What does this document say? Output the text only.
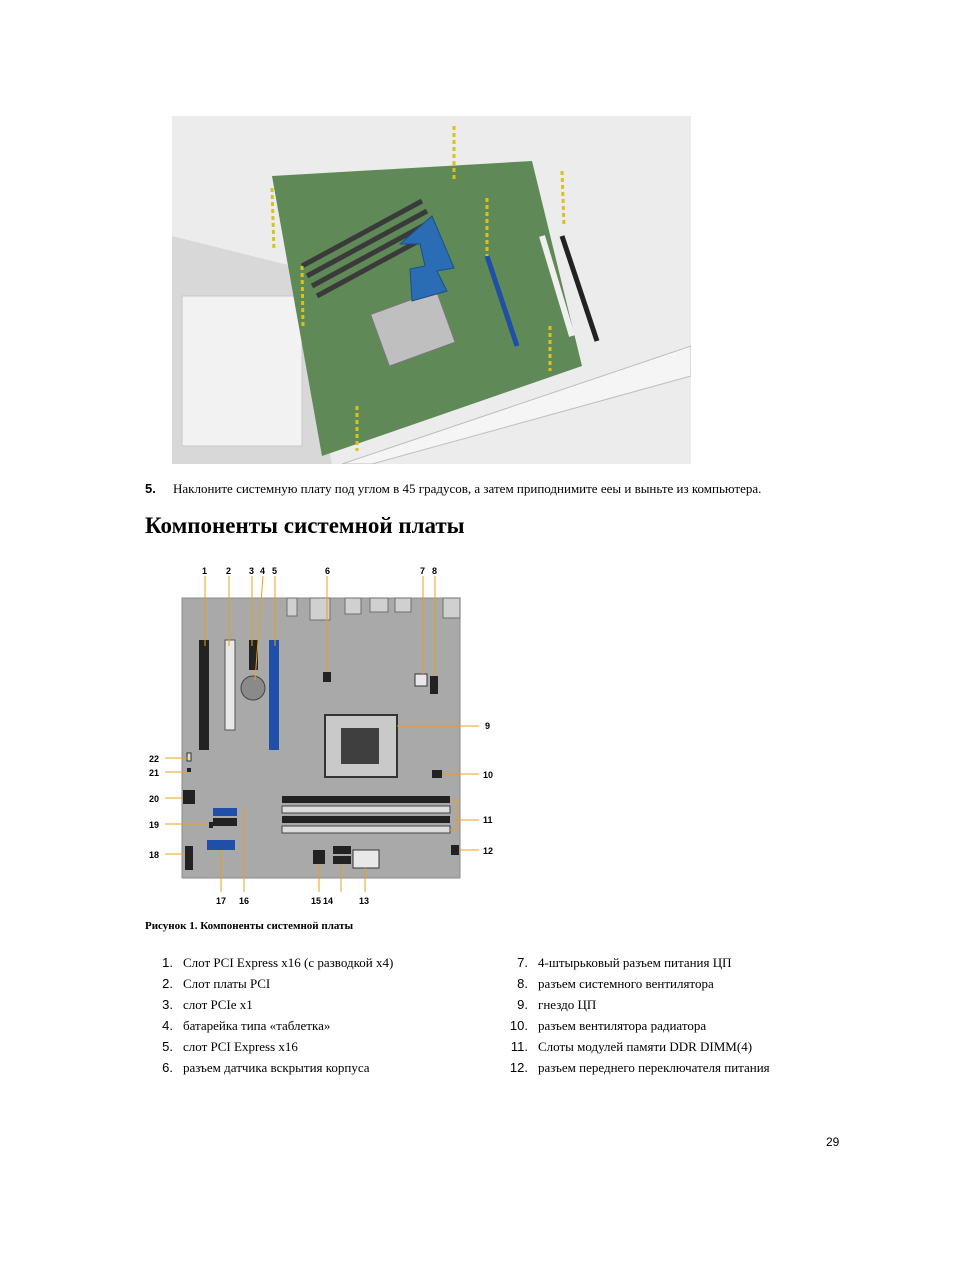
5. Наклоните системную плату под углом в 45 градусов, а затем приподнимите еeы и выньте из компьютера.
Компоненты системной платы
1 2 3 4 5	6	7 8
9
10
11
12
13
14
15
16
17
18
19
20
21
22
Рисунок 1. Компоненты системной платы
1. Слот PCI Express x16 (с разводкой x4)
2. Слот платы PCI
3. слот PCIe x1
4. батарейка типа «таблетка»
5. слот PCI Express x16
6. разъем датчика вскрытия корпуса
7. 4-штырьковый разъем питания ЦП
8. разъем системного вентилятора
9. гнездо ЦП
10. разъем вентилятора радиатора
11. Слоты модулей памяти DDR DIMM(4)
12. разъем переднего переключателя питания
29
